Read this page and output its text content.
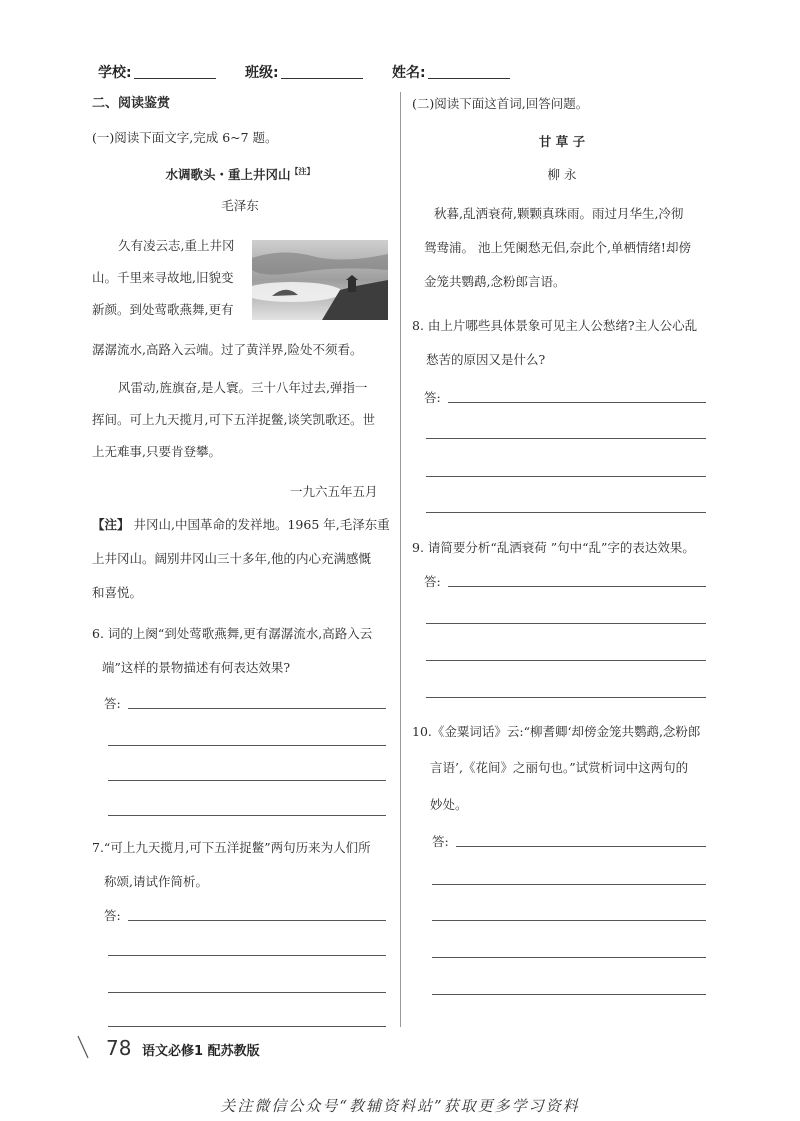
学校:	班级:	姓名:
二、阅读鉴赏
(一)阅读下面文字,完成 6~7 题。
水调歌头・重上井冈山$^{【注】}$
毛泽东
久有凌云志,重上井冈
山。千里来寻故地,旧貌变
新颜。到处莺歌燕舞,更有
潺潺流水,高路入云端。过了黄洋界,险处不须看。
风雷动,旌旗奋,是人寰。三十八年过去,弹指一
挥间。可上九天揽月,可下五洋捉鳖,谈笑凯歌还。世
上无难事,只要肯登攀。
一九六五年五月
【注】 井冈山,中国革命的发祥地。1965 年,毛泽东重
上井冈山。阔别井冈山三十多年,他的内心充满感慨
和喜悦。
6. 词的上阕“到处莺歌燕舞,更有潺潺流水,高路入云
端”这样的景物描述有何表达效果?
答:
7.“可上九天揽月,可下五洋捉鳖”两句历来为人们所
称颂,请试作简析。
答:
(二)阅读下面这首词,回答问题。
甘 草 子
柳 永
秋暮,乱洒衰荷,颗颗真珠雨。雨过月华生,冷彻
鸳鸯浦。 池上凭阑愁无侣,奈此个,单栖情绪!却傍
金笼共鹦鹉,念粉郎言语。
8. 由上片哪些具体景象可见主人公愁绪?主人公心乱
愁苦的原因又是什么?
答:
9. 请简要分析“乱洒衰荷 ”句中“乱”字的表达效果。
答:
10.《金粟词话》云:“柳耆卿‘却傍金笼共鹦鹉,念粉郎
言语’,《花间》之丽句也。”试赏析词中这两句的
妙处。
答:
78 语文必修1 配苏教版
关注微信公众号“教辅资料站”获取更多学习资料
